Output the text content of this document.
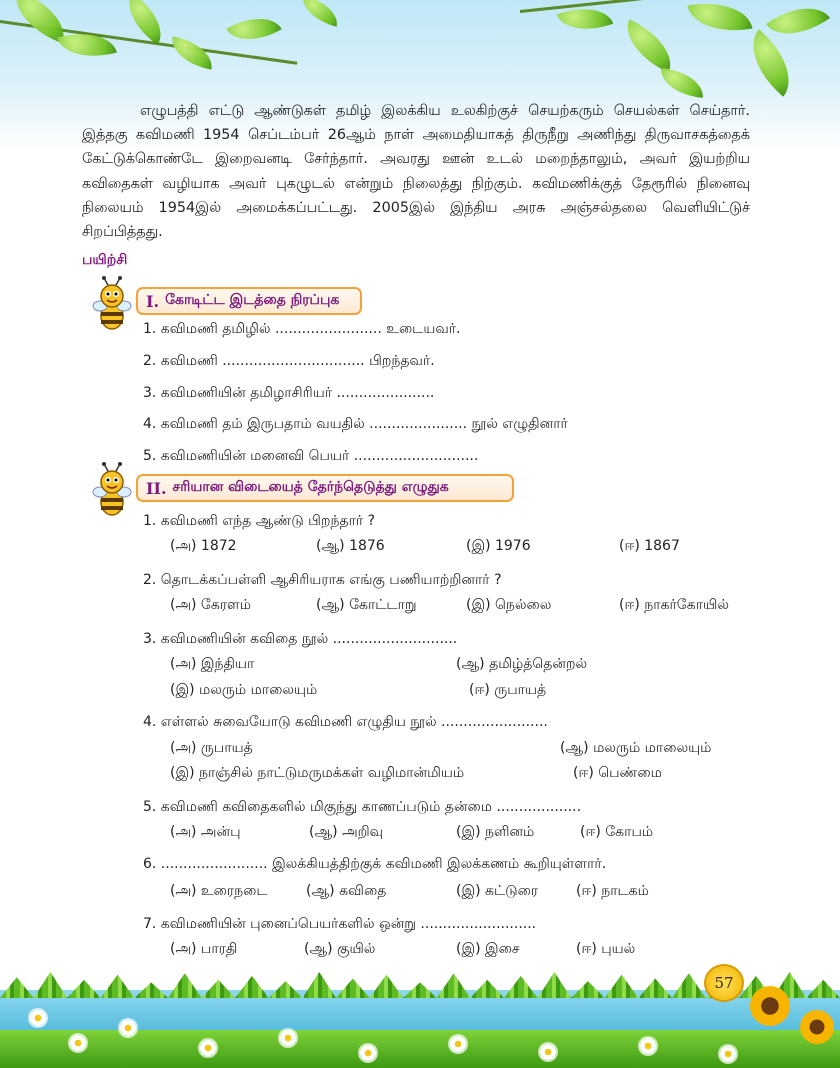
எழுபத்தி எட்டு ஆண்டுகள் தமிழ் இலக்கிய உலகிற்குச் செயற்கரும் செயல்கள் செய்தார். இத்தகு கவிமணி 1954 செப்டம்பர் 26ஆம் நாள் அமைதியாகத் திருநீறு அணிந்து திருவாசகத்தைக் கேட்டுக்கொண்டே இறைவனடி சேர்ந்தார். அவரது ஊன் உடல் மறைந்தாலும், அவர் இயற்றிய கவிதைகள் வழியாக அவர் புகழுடல் என்றும் நிலைத்து நிற்கும். கவிமணிக்குத் தேரூரில் நினைவு நிலையம் 1954இல் அமைக்கப்பட்டது. 2005இல் இந்திய அரசு அஞ்சல்தலை வெளியிட்டுச் சிறப்பித்தது.

பயிற்சி
I. கோடிட்ட இடத்தை நிரப்புக
1. கவிமணி தமிழில் ........................ உடையவர்.
2. கவிமணி ................................ பிறந்தவர்.
3. கவிமணியின் தமிழாசிரியர் ......................
4. கவிமணி தம் இருபதாம் வயதில் ...................... நூல் எழுதினார்
5. கவிமணியின் மனைவி பெயர் ............................
II. சரியான விடையைத் தேர்ந்தெடுத்து எழுதுக
1. கவிமணி எந்த ஆண்டு பிறந்தார் ?
(அ) 1872	(ஆ) 1876	(இ) 1976	(ஈ) 1867
2. தொடக்கப்பள்ளி ஆசிரியராக எங்கு பணியாற்றினார் ?
(அ) கேரளம்	(ஆ) கோட்டாறு	(இ) நெல்லை	(ஈ) நாகர்கோயில்
3. கவிமணியின் கவிதை நூல் ............................
(அ) இந்தியா	(ஆ) தமிழ்த்தென்றல்
(இ) மலரும் மாலையும்	(ஈ) ருபாயத்
4. எள்ளல் சுவையோடு கவிமணி எழுதிய நூல் ........................
(அ) ருபாயத்	(ஆ) மலரும் மாலையும்
(இ) நாஞ்சில் நாட்டுமருமக்கள் வழிமான்மியம்	(ஈ) பெண்மை
5. கவிமணி கவிதைகளில் மிகுந்து காணப்படும் தன்மை ...................
(அ) அன்பு	(ஆ) அறிவு	(இ) நளினம்	(ஈ) கோபம்
6. ........................ இலக்கியத்திற்குக் கவிமணி இலக்கணம் கூறியுள்ளார்.
(அ) உரைநடை	(ஆ) கவிதை	(இ) கட்டுரை	(ஈ) நாடகம்
7. கவிமணியின் புனைப்பெயர்களில் ஒன்று ..........................
(அ) பாரதி	(ஆ) குயில்	(இ) இசை	(ஈ) புயல்
57
